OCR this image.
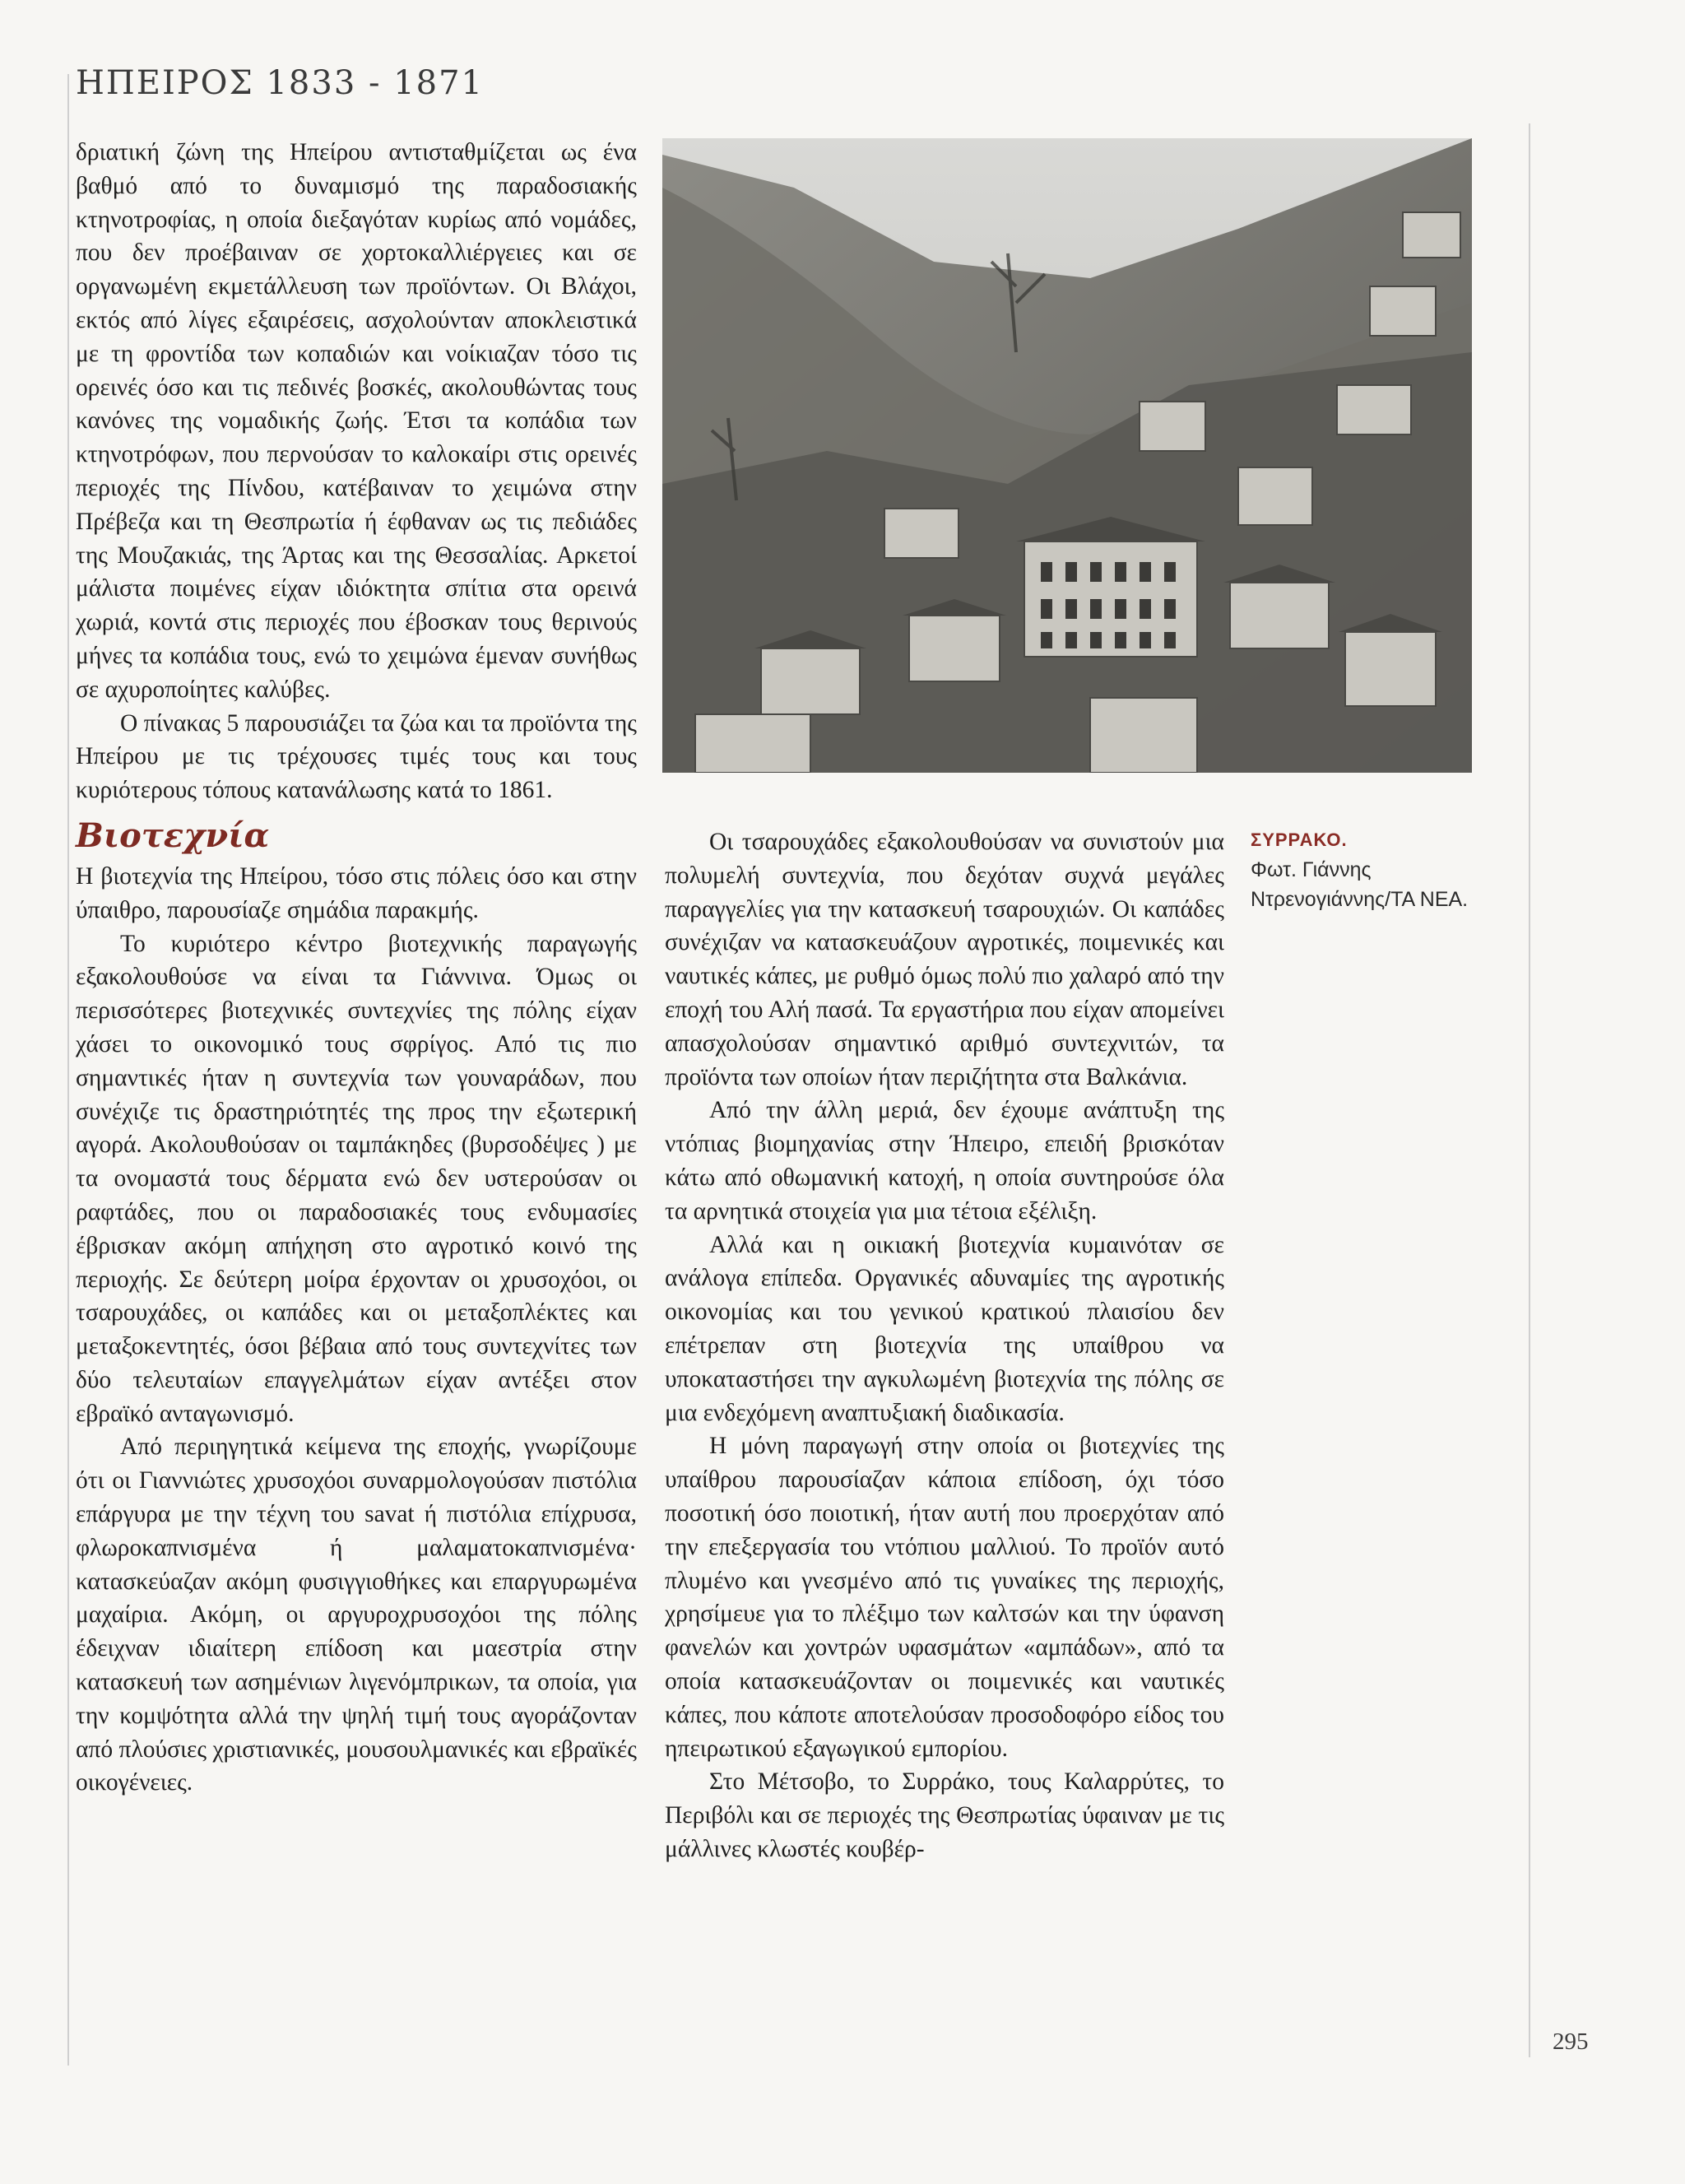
ΗΠΕΙΡΟΣ 1833 - 1871

δριατική ζώνη της Ηπείρου αντισταθμίζεται ως ένα βαθμό από το δυναμισμό της παραδοσιακής κτηνοτροφίας, η οποία διεξαγόταν κυρίως από νομάδες, που δεν προέβαιναν σε χορτοκαλλιέργειες και σε οργανωμένη εκμετάλλευση των προϊόντων. Οι Βλάχοι, εκτός από λίγες εξαιρέσεις, ασχολούνταν αποκλειστικά με τη φροντίδα των κοπαδιών και νοίκιαζαν τόσο τις ορεινές όσο και τις πεδινές βοσκές, ακολουθώντας τους κανόνες της νομαδικής ζωής. Έτσι τα κοπάδια των κτηνοτρόφων, που περνούσαν το καλοκαίρι στις ορεινές περιοχές της Πίνδου, κατέβαιναν το χειμώνα στην Πρέβεζα και τη Θεσπρωτία ή έφθαναν ως τις πεδιάδες της Μουζακιάς, της Άρτας και της Θεσσαλίας. Αρκετοί μάλιστα ποιμένες είχαν ιδιόκτητα σπίτια στα ορεινά χωριά, κοντά στις περιοχές που έβοσκαν τους θερινούς μήνες τα κοπάδια τους, ενώ το χειμώνα έμεναν συνήθως σε αχυροποίητες καλύβες.

Ο πίνακας 5 παρουσιάζει τα ζώα και τα προϊόντα της Ηπείρου με τις τρέχουσες τιμές τους και τους κυριότερους τόπους κατανάλωσης κατά το 1861.

Βιοτεχνία

Η βιοτεχνία της Ηπείρου, τόσο στις πόλεις όσο και στην ύπαιθρο, παρουσίαζε σημάδια παρακμής.

Το κυριότερο κέντρο βιοτεχνικής παραγωγής εξακολουθούσε να είναι τα Γιάννινα. Όμως οι περισσότερες βιοτεχνικές συντεχνίες της πόλης είχαν χάσει το οικονομικό τους σφρίγος. Από τις πιο σημαντικές ήταν η συντεχνία των γουναράδων, που συνέχιζε τις δραστηριότητές της προς την εξωτερική αγορά. Ακολουθούσαν οι ταμπάκηδες (βυρσοδέψες ) με τα ονομαστά τους δέρματα ενώ δεν υστερούσαν οι ραφτάδες, που οι παραδοσιακές τους ενδυμασίες έβρισκαν ακόμη απήχηση στο αγροτικό κοινό της περιοχής. Σε δεύτερη μοίρα έρχονταν οι χρυσοχόοι, οι τσαρουχάδες, οι καπάδες και οι μεταξοπλέκτες και μεταξοκεντητές, όσοι βέβαια από τους συντεχνίτες των δύο τελευταίων επαγγελμάτων είχαν αντέξει στον εβραϊκό ανταγωνισμό.

Από περιηγητικά κείμενα της εποχής, γνωρίζουμε ότι οι Γιαννιώτες χρυσοχόοι συναρμολογούσαν πιστόλια επάργυρα με την τέχνη του savat ή πιστόλια επίχρυσα, φλωροκαπνισμένα ή μαλαματοκαπνισμένα· κατασκεύαζαν ακόμη φυσιγγιοθήκες και επαργυρωμένα μαχαίρια. Ακόμη, οι αργυροχρυσοχόοι της πόλης έδειχναν ιδιαίτερη επίδοση και μαεστρία στην κατασκευή των ασημένιων λιγενόμπρικων, τα οποία, για την κομψότητα αλλά την ψηλή τιμή τους αγοράζονταν από πλούσιες χριστιανικές, μουσουλμανικές και εβραϊκές οικογένειες.

ΣΥΡΡΑΚΟ.
Φωτ. Γιάννης
Ντρενογιάννης/ΤΑ ΝΕΑ.

Οι τσαρουχάδες εξακολουθούσαν να συνιστούν μια πολυμελή συντεχνία, που δεχόταν συχνά μεγάλες παραγγελίες για την κατασκευή τσαρουχιών. Οι καπάδες συνέχιζαν να κατασκευάζουν αγροτικές, ποιμενικές και ναυτικές κάπες, με ρυθμό όμως πολύ πιο χαλαρό από την εποχή του Αλή πασά. Τα εργαστήρια που είχαν απομείνει απασχολούσαν σημαντικό αριθμό συντεχνιτών, τα προϊόντα των οποίων ήταν περιζήτητα στα Βαλκάνια.

Από την άλλη μεριά, δεν έχουμε ανάπτυξη της ντόπιας βιομηχανίας στην Ήπειρο, επειδή βρισκόταν κάτω από οθωμανική κατοχή, η οποία συντηρούσε όλα τα αρνητικά στοιχεία για μια τέτοια εξέλιξη.

Αλλά και η οικιακή βιοτεχνία κυμαινόταν σε ανάλογα επίπεδα. Οργανικές αδυναμίες της αγροτικής οικονομίας και του γενικού κρατικού πλαισίου δεν επέτρεπαν στη βιοτεχνία της υπαίθρου να υποκαταστήσει την αγκυλωμένη βιοτεχνία της πόλης σε μια ενδεχόμενη αναπτυξιακή διαδικασία.

Η μόνη παραγωγή στην οποία οι βιοτεχνίες της υπαίθρου παρουσίαζαν κάποια επίδοση, όχι τόσο ποσοτική όσο ποιοτική, ήταν αυτή που προερχόταν από την επεξεργασία του ντόπιου μαλλιού. Το προϊόν αυτό πλυμένο και γνεσμένο από τις γυναίκες της περιοχής, χρησίμευε για το πλέξιμο των καλτσών και την ύφανση φανελών και χοντρών υφασμάτων «αμπάδων», από τα οποία κατασκευάζονταν οι ποιμενικές και ναυτικές κάπες, που κάποτε αποτελούσαν προσοδοφόρο είδος του ηπειρωτικού εξαγωγικού εμπορίου.

Στο Μέτσοβο, το Συρράκο, τους Καλαρρύτες, το Περιβόλι και σε περιοχές της Θεσπρωτίας ύφαιναν με τις μάλλινες κλωστές κουβέρ-

295
